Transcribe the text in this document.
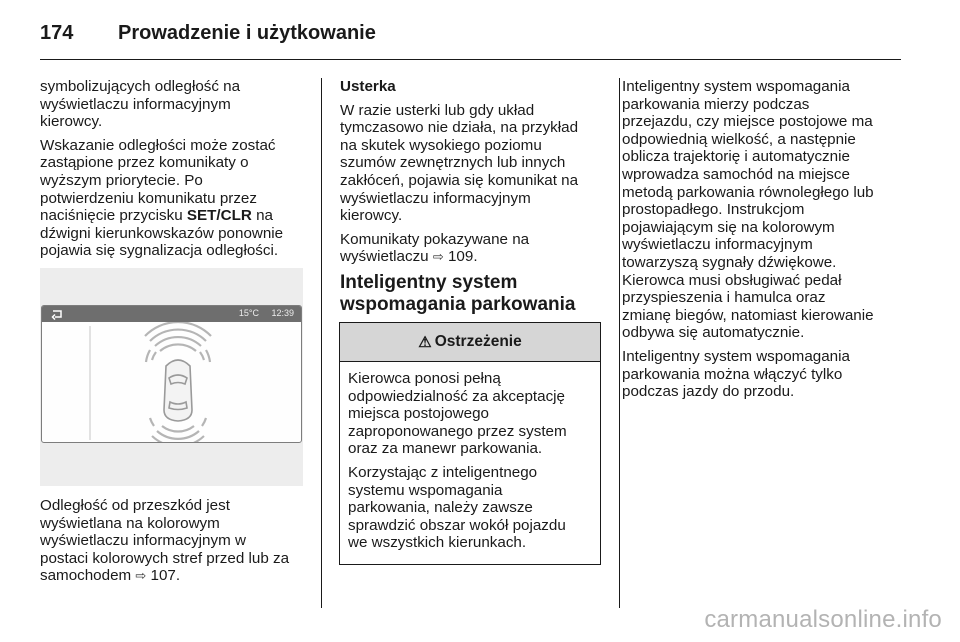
174 Prowadzenie i użytkowanie

symbolizujących odległość na
wyświetlaczu informacyjnym
kierowcy.

Wskazanie odległości może zostać
zastąpione przez komunikaty o
wyższym priorytecie. Po
potwierdzeniu komunikatu przez
naciśnięcie przycisku SET/CLR na
dźwigni kierunkowskazów ponownie
pojawia się sygnalizacja odległości.

15°C 12:39

Odległość od przeszkód jest
wyświetlana na kolorowym
wyświetlaczu informacyjnym w
postaci kolorowych stref przed lub za
samochodem ⇨ 107.

Usterka

W razie usterki lub gdy układ
tymczasowo nie działa, na przykład
na skutek wysokiego poziomu
szumów zewnętrznych lub innych
zakłóceń, pojawia się komunikat na
wyświetlaczu informacyjnym
kierowcy.

Komunikaty pokazywane na
wyświetlaczu ⇨ 109.

Inteligentny system
wspomagania parkowania

⚠ Ostrzeżenie

Kierowca ponosi pełną
odpowiedzialność za akceptację
miejsca postojowego
zaproponowanego przez system
oraz za manewr parkowania.

Korzystając z inteligentnego
systemu wspomagania
parkowania, należy zawsze
sprawdzić obszar wokół pojazdu
we wszystkich kierunkach.

Inteligentny system wspomagania
parkowania mierzy podczas
przejazdu, czy miejsce postojowe ma
odpowiednią wielkość, a następnie
oblicza trajektorię i automatycznie
wprowadza samochód na miejsce
metodą parkowania równoległego lub
prostopadłego. Instrukcjom
pojawiającym się na kolorowym
wyświetlaczu informacyjnym
towarzyszą sygnały dźwiękowe.
Kierowca musi obsługiwać pedał
przyspieszenia i hamulca oraz
zmianę biegów, natomiast kierowanie
odbywa się automatycznie.

Inteligentny system wspomagania
parkowania można włączyć tylko
podczas jazdy do przodu.

carmanualsonline.info
